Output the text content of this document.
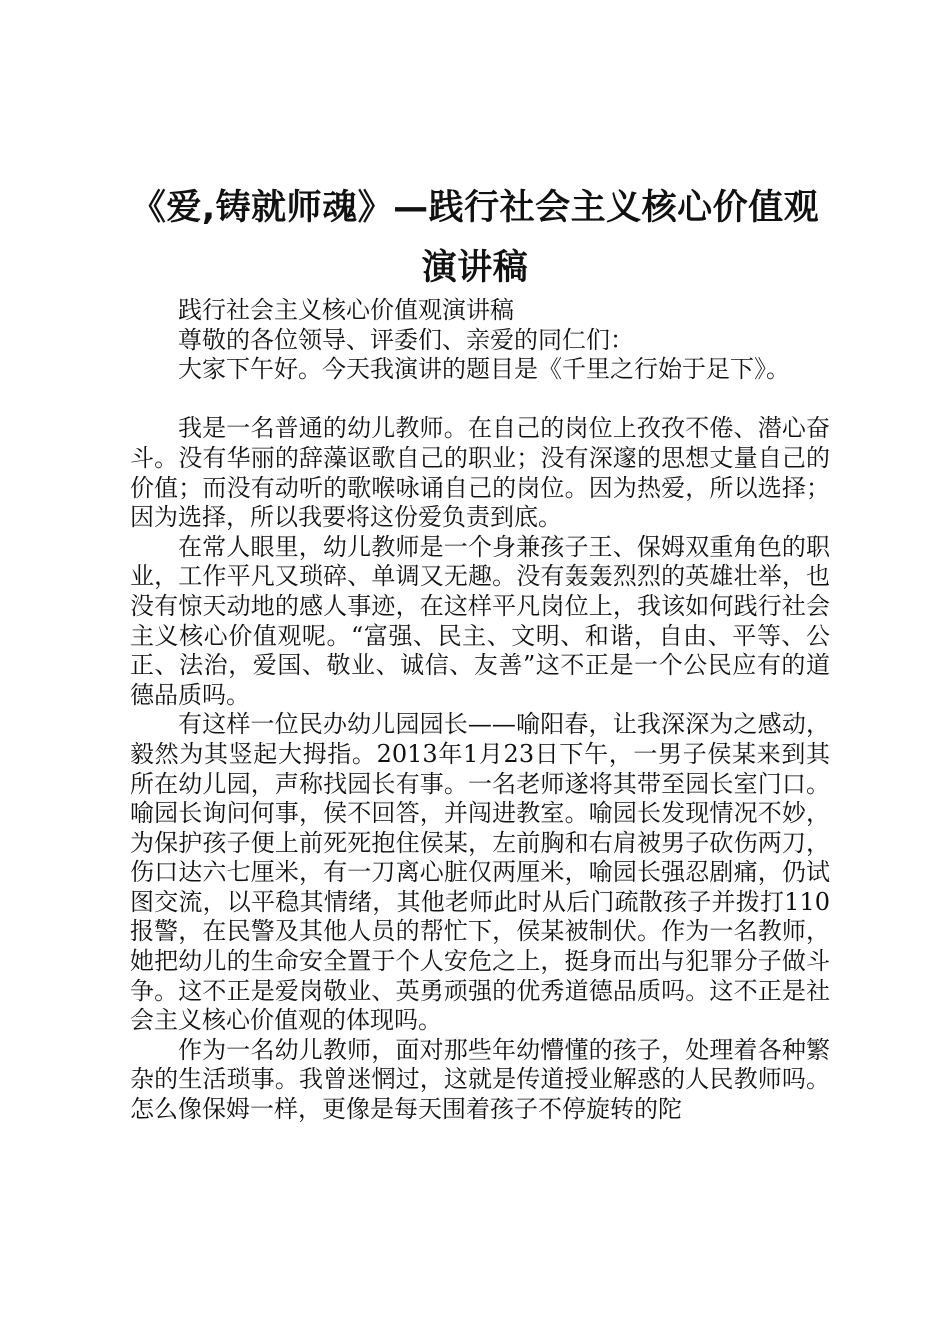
《爱,铸就师魂》—践行社会主义核心价值观
演讲稿

践行社会主义核心价值观演讲稿

尊敬的各位领导、评委们、亲爱的同仁们：

大家下午好。今天我演讲的题目是《千里之行始于足下》。

我是一名普通的幼儿教师。在自己的岗位上孜孜不倦、潜心奋斗。没有华丽的辞藻讴歌自己的职业；没有深邃的思想丈量自己的价值；而没有动听的歌喉咏诵自己的岗位。因为热爱，所以选择；因为选择，所以我要将这份爱负责到底。

在常人眼里，幼儿教师是一个身兼孩子王、保姆双重角色的职业，工作平凡又琐碎、单调又无趣。没有轰轰烈烈的英雄壮举，也没有惊天动地的感人事迹，在这样平凡岗位上，我该如何践行社会主义核心价值观呢。“富强、民主、文明、和谐，自由、平等、公正、法治，爱国、敬业、诚信、友善”这不正是一个公民应有的道德品质吗。

有这样一位民办幼儿园园长——喻阳春，让我深深为之感动，毅然为其竖起大拇指。2013年1月23日下午，一男子侯某来到其所在幼儿园，声称找园长有事。一名老师遂将其带至园长室门口。喻园长询问何事，侯不回答，并闯进教室。喻园长发现情况不妙，为保护孩子便上前死死抱住侯某，左前胸和右肩被男子砍伤两刀，伤口达六七厘米，有一刀离心脏仅两厘米，喻园长强忍剧痛，仍试图交流，以平稳其情绪，其他老师此时从后门疏散孩子并拨打110报警，在民警及其他人员的帮忙下，侯某被制伏。作为一名教师，她把幼儿的生命安全置于个人安危之上，挺身而出与犯罪分子做斗争。这不正是爱岗敬业、英勇顽强的优秀道德品质吗。这不正是社会主义核心价值观的体现吗。

作为一名幼儿教师，面对那些年幼懵懂的孩子，处理着各种繁杂的生活琐事。我曾迷惘过，这就是传道授业解惑的人民教师吗。怎么像保姆一样，更像是每天围着孩子不停旋转的陀
